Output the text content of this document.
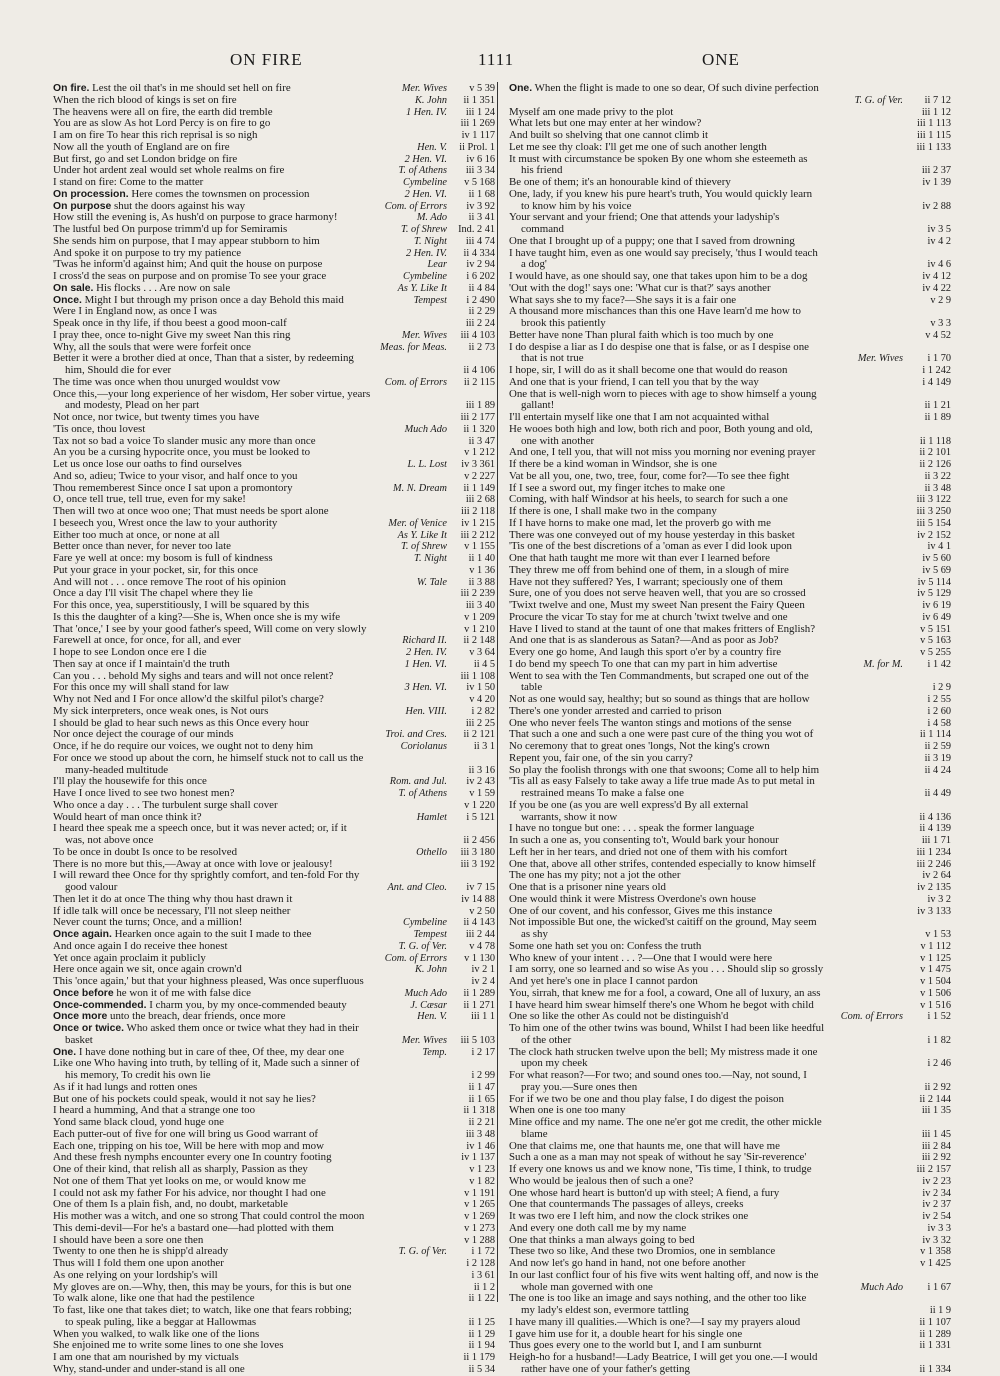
ON FIRE	1111	ONE
On fire. Lest the oil that's in me should set hell on fire	Mer. Wives	v 5 39
When the rich blood of kings is set on fire	K. John	ii 1 351
The heavens were all on fire, the earth did tremble	1 Hen. IV.	iii 1 24
You are as slow As hot Lord Percy is on fire to go	iii 1 269
I am on fire To hear this rich reprisal is so nigh	iv 1 117
Now all the youth of England are on fire	Hen. V.	ii Prol. 1
But first, go and set London bridge on fire	2 Hen. VI.	iv 6 16
Under hot ardent zeal would set whole realms on fire	T. of Athens	iii 3 34
I stand on fire: Come to the matter	Cymbeline	v 5 168
On procession. Here comes the townsmen on procession	2 Hen. VI.	ii 1 68
On purpose shut the doors against his way	Com. of Errors	iv 3 92
How still the evening is, As hush'd on purpose to grace harmony!	M. Ado	ii 3 41
The lustful bed On purpose trimm'd up for Semiramis	T. of Shrew	Ind. 2 41
She sends him on purpose, that I may appear stubborn to him	T. Night	iii 4 74
And spoke it on purpose to try my patience	2 Hen. IV.	ii 4 334
'Twas he inform'd against him; And quit the house on purpose	Lear	iv 2 94
I cross'd the seas on purpose and on promise To see your grace	Cymbeline	i 6 202
On sale. His flocks . . . Are now on sale	As Y. Like It	ii 4 84
Once. Might I but through my prison once a day Behold this maid	Tempest	i 2 490
Were I in England now, as once I was	ii 2 29
Speak once in thy life, if thou beest a good moon-calf	iii 2 24
I pray thee, once to-night Give my sweet Nan this ring	Mer. Wives	iii 4 103
Why, all the souls that were were forfeit once	Meas. for Meas.	ii 2 73
Better it were a brother died at once, Than that a sister, by redeeming
him, Should die for ever	ii 4 106
The time was once when thou unurged wouldst vow	Com. of Errors	ii 2 115
Once this,—your long experience of her wisdom, Her sober virtue, years
and modesty, Plead on her part	iii 1 89
Not once, nor twice, but twenty times you have	iii 2 177
'Tis once, thou lovest	Much Ado	ii 1 320
Tax not so bad a voice To slander music any more than once	ii 3 47
An you be a cursing hypocrite once, you must be looked to	v 1 212
Let us once lose our oaths to find ourselves	L. L. Lost	iv 3 361
And so, adieu; Twice to your visor, and half once to you	v 2 227
Thou rememberest Since once I sat upon a promontory	M. N. Dream	ii 1 149
O, once tell true, tell true, even for my sake!	iii 2 68
Then will two at once woo one; That must needs be sport alone	iii 2 118
I beseech you, Wrest once the law to your authority	Mer. of Venice	iv 1 215
Either too much at once, or none at all	As Y. Like It	iii 2 212
Better once than never, for never too late	T. of Shrew	v 1 155
Fare ye well at once: my bosom is full of kindness	T. Night	ii 1 40
Put your grace in your pocket, sir, for this once	v 1 36
And will not . . . once remove The root of his opinion	W. Tale	ii 3 88
Once a day I'll visit The chapel where they lie	iii 2 239
For this once, yea, superstitiously, I will be squared by this	iii 3 40
Is this the daughter of a king?—She is, When once she is my wife	v 1 209
That 'once,' I see by your good father's speed, Will come on very slowly	v 1 210
Farewell at once, for once, for all, and ever	Richard II.	ii 2 148
I hope to see London once ere I die	2 Hen. IV.	v 3 64
Then say at once if I maintain'd the truth	1 Hen. VI.	ii 4 5
Can you . . . behold My sighs and tears and will not once relent?	iii 1 108
For this once my will shall stand for law	3 Hen. VI.	iv 1 50
Why not Ned and I For once allow'd the skilful pilot's charge?	v 4 20
My sick interpreters, once weak ones, is Not ours	Hen. VIII.	i 2 82
I should be glad to hear such news as this Once every hour	iii 2 25
Nor once deject the courage of our minds	Troi. and Cres.	ii 2 121
Once, if he do require our voices, we ought not to deny him	Coriolanus	ii 3 1
For once we stood up about the corn, he himself stuck not to call us the
many-headed multitude	ii 3 16
I'll play the housewife for this once	Rom. and Jul.	iv 2 43
Have I once lived to see two honest men?	T. of Athens	v 1 59
Who once a day . . . The turbulent surge shall cover	v 1 220
Would heart of man once think it?	Hamlet	i 5 121
I heard thee speak me a speech once, but it was never acted; or, if it
was, not above once	ii 2 456
To be once in doubt Is once to be resolved	Othello	iii 3 180
There is no more but this,—Away at once with love or jealousy!	iii 3 192
I will reward thee Once for thy sprightly comfort, and ten-fold For thy
good valour	Ant. and Cleo.	iv 7 15
Then let it do at once The thing why thou hast drawn it	iv 14 88
If idle talk will once be necessary, I'll not sleep neither	v 2 50
Never count the turns; Once, and a million!	Cymbeline	ii 4 143
Once again. Hearken once again to the suit I made to thee	Tempest	iii 2 44
And once again I do receive thee honest	T. G. of Ver.	v 4 78
Yet once again proclaim it publicly	Com. of Errors	v 1 130
Here once again we sit, once again crown'd	K. John	iv 2 1
This 'once again,' but that your highness pleased, Was once superfluous	iv 2 4
Once before he won it of me with false dice	Much Ado	ii 1 289
Once-commended. I charm you, by my once-commended beauty	J. Cæsar	ii 1 271
Once more unto the breach, dear friends, once more	Hen. V.	iii 1 1
Once or twice. Who asked them once or twice what they had in their
basket	Mer. Wives	iii 5 103
One. I have done nothing but in care of thee, Of thee, my dear one	Temp.	i 2 17
Like one Who having into truth, by telling of it, Made such a sinner of
his memory, To credit his own lie	i 2 99
As if it had lungs and rotten ones	ii 1 47
But one of his pockets could speak, would it not say he lies?	ii 1 65
I heard a humming, And that a strange one too	ii 1 318
Yond same black cloud, yond huge one	ii 2 21
Each putter-out of five for one will bring us Good warrant of	iii 3 48
Each one, tripping on his toe, Will be here with mop and mow	iv 1 46
And these fresh nymphs encounter every one In country footing	iv 1 137
One of their kind, that relish all as sharply, Passion as they	v 1 23
Not one of them That yet looks on me, or would know me	v 1 82
I could not ask my father For his advice, nor thought I had one	v 1 191
One of them Is a plain fish, and, no doubt, marketable	v 1 265
His mother was a witch, and one so strong That could control the moon	v 1 269
This demi-devil—For he's a bastard one—had plotted with them	v 1 273
I should have been a sore one then	v 1 288
Twenty to one then he is shipp'd already	T. G. of Ver.	i 1 72
Thus will I fold them one upon another	i 2 128
As one relying on your lordship's will	i 3 61
My gloves are on.—Why, then, this may be yours, for this is but one	ii 1 2
To walk alone, like one that had the pestilence	ii 1 22
To fast, like one that takes diet; to watch, like one that fears robbing;
to speak puling, like a beggar at Hallowmas	ii 1 25
When you walked, to walk like one of the lions	ii 1 29
She enjoined me to write some lines to one she loves	ii 1 94
I am one that am nourished by my victuals	ii 1 179
Why, stand-under and under-stand is all one	ii 5 34
One. When the flight is made to one so dear, Of such divine perfection
T. G. of Ver.	ii 7 12
Myself am one made privy to the plot	iii 1 12
What lets but one may enter at her window?	iii 1 113
And built so shelving that one cannot climb it	iii 1 115
Let me see thy cloak: I'll get me one of such another length	iii 1 133
It must with circumstance be spoken By one whom she esteemeth as
his friend	iii 2 37
Be one of them; it's an honourable kind of thievery	iv 1 39
One, lady, if you knew his pure heart's truth, You would quickly learn
to know him by his voice	iv 2 88
Your servant and your friend; One that attends your ladyship's
command	iv 3 5
One that I brought up of a puppy; one that I saved from drowning	iv 4 2
I have taught him, even as one would say precisely, 'thus I would teach
a dog'	iv 4 6
I would have, as one should say, one that takes upon him to be a dog	iv 4 12
'Out with the dog!' says one: 'What cur is that?' says another	iv 4 22
What says she to my face?—She says it is a fair one	v 2 9
A thousand more mischances than this one Have learn'd me how to
brook this patiently	v 3 3
Better have none Than plural faith which is too much by one	v 4 52
I do despise a liar as I do despise one that is false, or as I despise one
that is not true	Mer. Wives	i 1 70
I hope, sir, I will do as it shall become one that would do reason	i 1 242
And one that is your friend, I can tell you that by the way	i 4 149
One that is well-nigh worn to pieces with age to show himself a young
gallant!	ii 1 21
I'll entertain myself like one that I am not acquainted withal	ii 1 89
He wooes both high and low, both rich and poor, Both young and old,
one with another	ii 1 118
And one, I tell you, that will not miss you morning nor evening prayer	ii 2 101
If there be a kind woman in Windsor, she is one	ii 2 126
Vat be all you, one, two, tree, four, come for?—To see thee fight	ii 3 22
If I see a sword out, my finger itches to make one	ii 3 48
Coming, with half Windsor at his heels, to search for such a one	iii 3 122
If there is one, I shall make two in the company	iii 3 250
If I have horns to make one mad, let the proverb go with me	iii 5 154
There was one conveyed out of my house yesterday in this basket	iv 2 152
'Tis one of the best discretions of a 'oman as ever I did look upon	iv 4 1
One that hath taught me more wit than ever I learned before	iv 5 60
They threw me off from behind one of them, in a slough of mire	iv 5 69
Have not they suffered? Yes, I warrant; speciously one of them	iv 5 114
Sure, one of you does not serve heaven well, that you are so crossed	iv 5 129
'Twixt twelve and one, Must my sweet Nan present the Fairy Queen	iv 6 19
Procure the vicar To stay for me at church 'twixt twelve and one	iv 6 49
Have I lived to stand at the taunt of one that makes fritters of English?	v 5 151
And one that is as slanderous as Satan?—And as poor as Job?	v 5 163
Every one go home, And laugh this sport o'er by a country fire	v 5 255
I do bend my speech To one that can my part in him advertise	M. for M.	i 1 42
Went to sea with the Ten Commandments, but scraped one out of the
table	i 2 9
Not as one would say, healthy; but so sound as things that are hollow	i 2 55
There's one yonder arrested and carried to prison	i 2 60
One who never feels The wanton stings and motions of the sense	i 4 58
That such a one and such a one were past cure of the thing you wot of	ii 1 114
No ceremony that to great ones 'longs, Not the king's crown	ii 2 59
Repent you, fair one, of the sin you carry?	ii 3 19
So play the foolish throngs with one that swoons; Come all to help him	ii 4 24
'Tis all as easy Falsely to take away a life true made As to put metal in
restrained means To make a false one	ii 4 49
If you be one (as you are well express'd By all external
warrants, show it now	ii 4 136
I have no tongue but one: . . . speak the former language	ii 4 139
In such a one as, you consenting to't, Would bark your honour	iii 1 71
Left her in her tears, and dried not one of them with his comfort	iii 1 234
One that, above all other strifes, contended especially to know himself	iii 2 246
The one has my pity; not a jot the other	iv 2 64
One that is a prisoner nine years old	iv 2 135
One would think it were Mistress Overdone's own house	iv 3 2
One of our covent, and his confessor, Gives me this instance	iv 3 133
Not impossible But one, the wicked'st caitiff on the ground, May seem
as shy	v 1 53
Some one hath set you on: Confess the truth	v 1 112
Who knew of your intent . . . ?—One that I would were here	v 1 125
I am sorry, one so learned and so wise As you . . . Should slip so grossly	v 1 475
And yet here's one in place I cannot pardon	v 1 504
You, sirrah, that knew me for a fool, a coward, One all of luxury, an ass	v 1 506
I have heard him swear himself there's one Whom he begot with child	v 1 516
One so like the other As could not be distinguish'd	Com. of Errors	i 1 52
To him one of the other twins was bound, Whilst I had been like heedful
of the other	i 1 82
The clock hath strucken twelve upon the bell; My mistress made it one
upon my cheek	i 2 46
For what reason?—For two; and sound ones too.—Nay, not sound, I
pray you.—Sure ones then	ii 2 92
For if we two be one and thou play false, I do digest the poison	ii 2 144
When one is one too many	iii 1 35
Mine office and my name. The one ne'er got me credit, the other mickle
blame	iii 1 45
One that claims me, one that haunts me, one that will have me	iii 2 84
Such a one as a man may not speak of without he say 'Sir-reverence'	iii 2 92
If every one knows us and we know none, 'Tis time, I think, to trudge	iii 2 157
Who would be jealous then of such a one?	iv 2 23
One whose hard heart is button'd up with steel; A fiend, a fury	iv 2 34
One that countermands The passages of alleys, creeks	iv 2 37
It was two ere I left him, and now the clock strikes one	iv 2 54
And every one doth call me by my name	iv 3 3
One that thinks a man always going to bed	iv 3 32
These two so like, And these two Dromios, one in semblance	v 1 358
And now let's go hand in hand, not one before another	v 1 425
In our last conflict four of his five wits went halting off, and now is the
whole man governed with one	Much Ado	i 1 67
The one is too like an image and says nothing, and the other too like
my lady's eldest son, evermore tattling	ii 1 9
I have many ill qualities.—Which is one?—I say my prayers aloud	ii 1 107
I gave him use for it, a double heart for his single one	ii 1 289
Thus goes every one to the world but I, and I am sunburnt	ii 1 331
Heigh-ho for a husband!—Lady Beatrice, I will get you one.—I would
rather have one of your father's getting	ii 1 334
